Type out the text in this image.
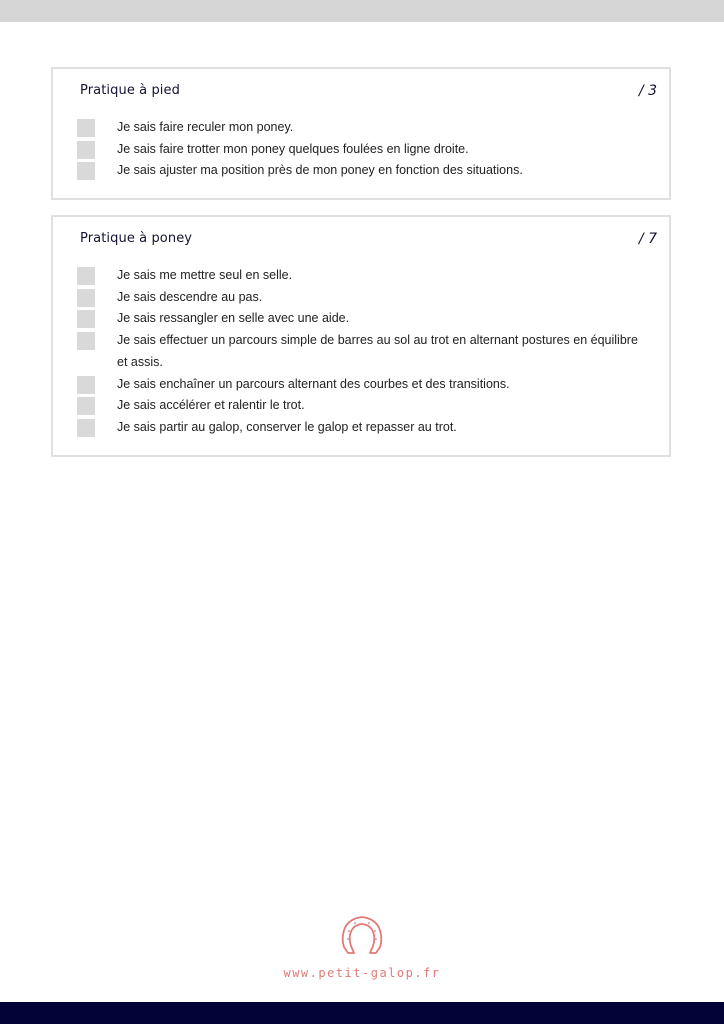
Pratique à pied	/ 3
Je sais faire reculer mon poney.
Je sais faire trotter mon poney quelques foulées en ligne droite.
Je sais ajuster ma position près de mon poney en fonction des situations.
Pratique à poney	/ 7
Je sais me mettre seul en selle.
Je sais descendre au pas.
Je sais ressangler en selle avec une aide.
Je sais effectuer un parcours simple de barres au sol au trot en alternant postures en équilibre et assis.
Je sais enchaîner un parcours alternant des courbes et des transitions.
Je sais accélérer et ralentir le trot.
Je sais partir au galop, conserver le galop et repasser au trot.
www.petit-galop.fr
